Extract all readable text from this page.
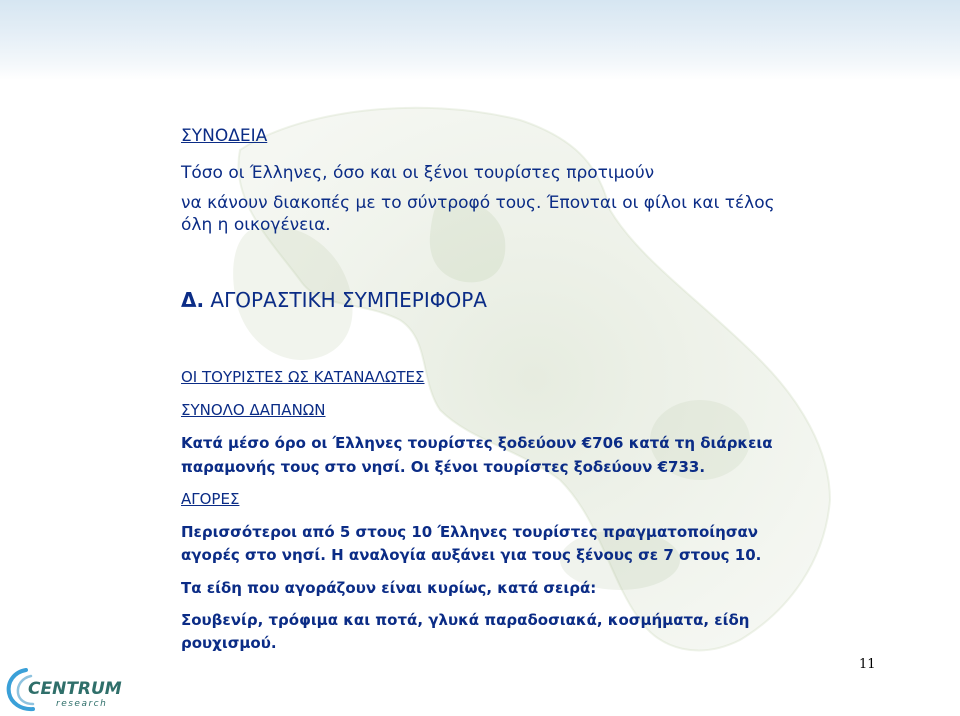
ΣΥΝΟΔΕΙΑ
Τόσο οι Έλληνες, όσο και οι ξένοι τουρίστες προτιμούν
να κάνουν διακοπές με το σύντροφό τους. Έπονται οι φίλοι και τέλος
όλη η οικογένεια.
Δ. ΑΓΟΡΑΣΤΙΚΗ ΣΥΜΠΕΡΙΦΟΡΑ
ΟΙ ΤΟΥΡΙΣΤΕΣ ΩΣ ΚΑΤΑΝΑΛΩΤΕΣ
ΣΥΝΟΛΟ ΔΑΠΑΝΩΝ
Κατά μέσο όρο οι Έλληνες τουρίστες ξοδεύουν €706 κατά τη διάρκεια
παραμονής τους στο νησί. Οι ξένοι τουρίστες ξοδεύουν €733.
ΑΓΟΡΕΣ
Περισσότεροι από 5 στους 10 Έλληνες τουρίστες πραγματοποίησαν
αγορές στο νησί. Η αναλογία αυξάνει για τους ξένους σε 7 στους 10.
Τα είδη που αγοράζουν είναι κυρίως, κατά σειρά:
Σουβενίρ, τρόφιμα και ποτά, γλυκά παραδοσιακά, κοσμήματα, είδη
ρουχισμού.
11
CENTRUM
research
